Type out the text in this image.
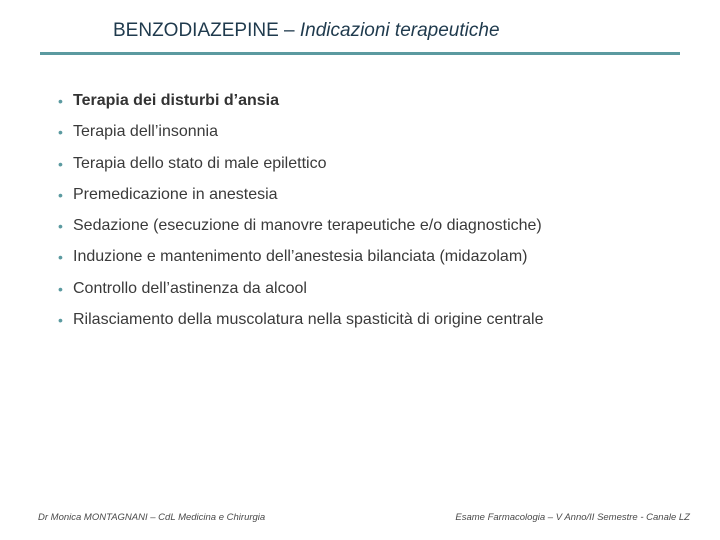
BENZODIAZEPINE – Indicazioni terapeutiche
• Terapia dei disturbi d’ansia
• Terapia dell’insonnia
• Terapia dello stato di male epilettico
• Premedicazione in anestesia
• Sedazione (esecuzione di manovre terapeutiche e/o diagnostiche)
• Induzione e mantenimento dell’anestesia bilanciata (midazolam)
• Controllo dell’astinenza da alcool
• Rilasciamento della muscolatura nella spasticità di origine centrale
Dr Monica MONTAGNANI – CdL Medicina e Chirurgia	Esame Farmacologia – V Anno/II Semestre - Canale LZ
